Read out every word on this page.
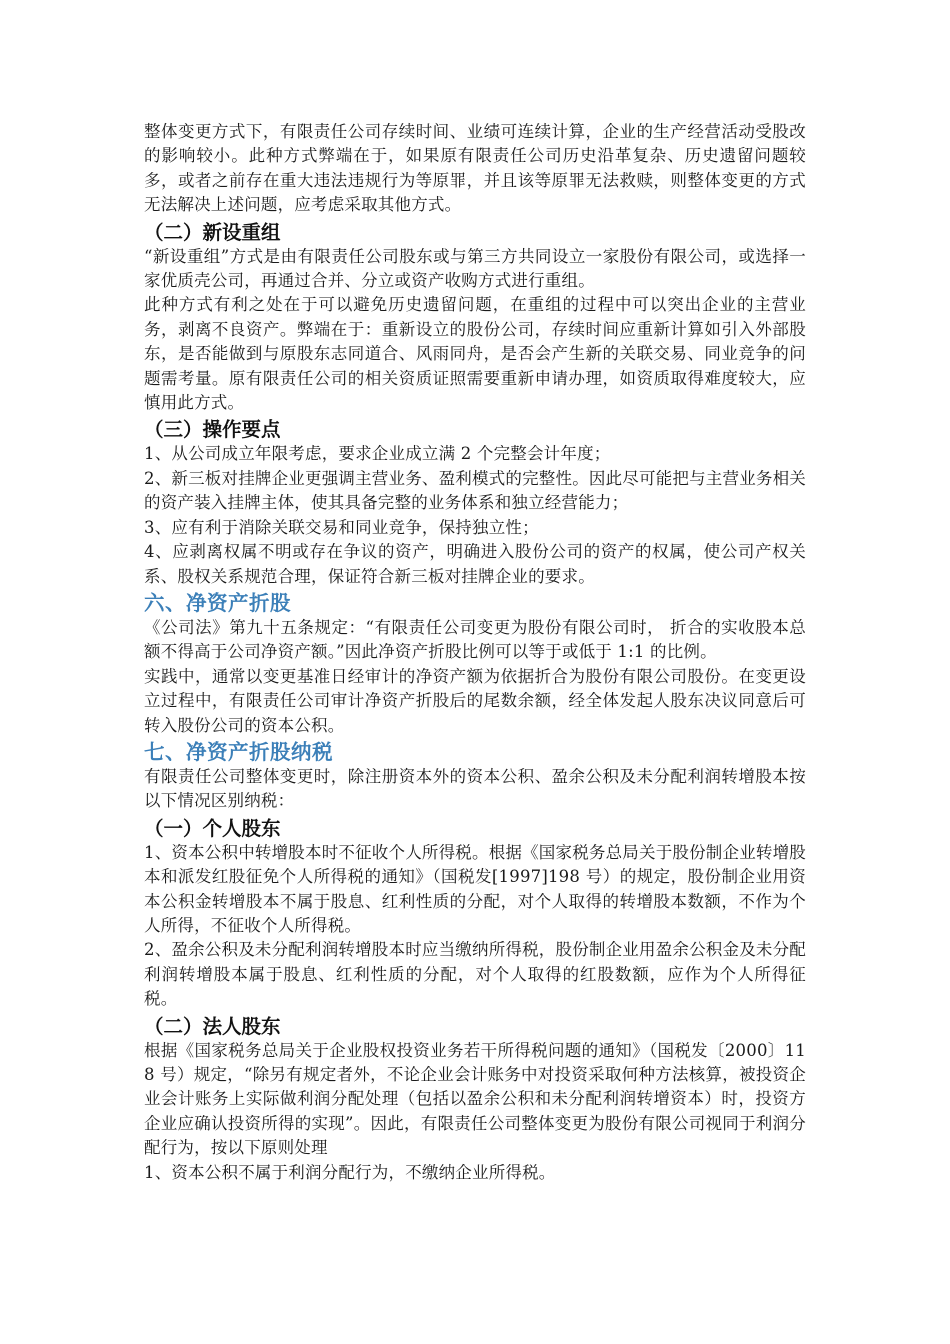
整体变更方式下，有限责任公司存续时间、业绩可连续计算，企业的生产经营活动受股改的影响较小。此种方式弊端在于，如果原有限责任公司历史沿革复杂、历史遗留问题较多，或者之前存在重大违法违规行为等原罪，并且该等原罪无法救赎，则整体变更的方式无法解决上述问题，应考虑采取其他方式。

（二）新设重组

“新设重组”方式是由有限责任公司股东或与第三方共同设立一家股份有限公司，或选择一家优质壳公司，再通过合并、分立或资产收购方式进行重组。

此种方式有利之处在于可以避免历史遗留问题，在重组的过程中可以突出企业的主营业务，剥离不良资产。弊端在于：重新设立的股份公司，存续时间应重新计算如引入外部股东，是否能做到与原股东志同道合、风雨同舟，是否会产生新的关联交易、同业竞争的问题需考量。原有限责任公司的相关资质证照需要重新申请办理，如资质取得难度较大，应慎用此方式。

（三）操作要点

1、从公司成立年限考虑，要求企业成立满 2 个完整会计年度；

2、新三板对挂牌企业更强调主营业务、盈利模式的完整性。因此尽可能把与主营业务相关的资产装入挂牌主体，使其具备完整的业务体系和独立经营能力；

3、应有利于消除关联交易和同业竞争，保持独立性；

4、应剥离权属不明或存在争议的资产，明确进入股份公司的资产的权属，使公司产权关系、股权关系规范合理，保证符合新三板对挂牌企业的要求。

六、净资产折股

《公司法》第九十五条规定：“有限责任公司变更为股份有限公司时， 折合的实收股本总额不得高于公司净资产额。”因此净资产折股比例可以等于或低于 1:1 的比例。

实践中，通常以变更基准日经审计的净资产额为依据折合为股份有限公司股份。在变更设立过程中，有限责任公司审计净资产折股后的尾数余额，经全体发起人股东决议同意后可转入股份公司的资本公积。

七、净资产折股纳税

有限责任公司整体变更时，除注册资本外的资本公积、盈余公积及未分配利润转增股本按以下情况区别纳税：

（一）个人股东

1、资本公积中转增股本时不征收个人所得税。根据《国家税务总局关于股份制企业转增股本和派发红股征免个人所得税的通知》（国税发[1997]198 号）的规定，股份制企业用资本公积金转增股本不属于股息、红利性质的分配，对个人取得的转增股本数额，不作为个人所得，不征收个人所得税。

2、盈余公积及未分配利润转增股本时应当缴纳所得税，股份制企业用盈余公积金及未分配利润转增股本属于股息、红利性质的分配，对个人取得的红股数额，应作为个人所得征税。

（二）法人股东

根据《国家税务总局关于企业股权投资业务若干所得税问题的通知》（国税发〔2000〕118 号）规定，“除另有规定者外，不论企业会计账务中对投资采取何种方法核算，被投资企业会计账务上实际做利润分配处理（包括以盈余公积和未分配利润转增资本）时，投资方企业应确认投资所得的实现”。因此，有限责任公司整体变更为股份有限公司视同于利润分配行为，按以下原则处理

1、资本公积不属于利润分配行为，不缴纳企业所得税。
